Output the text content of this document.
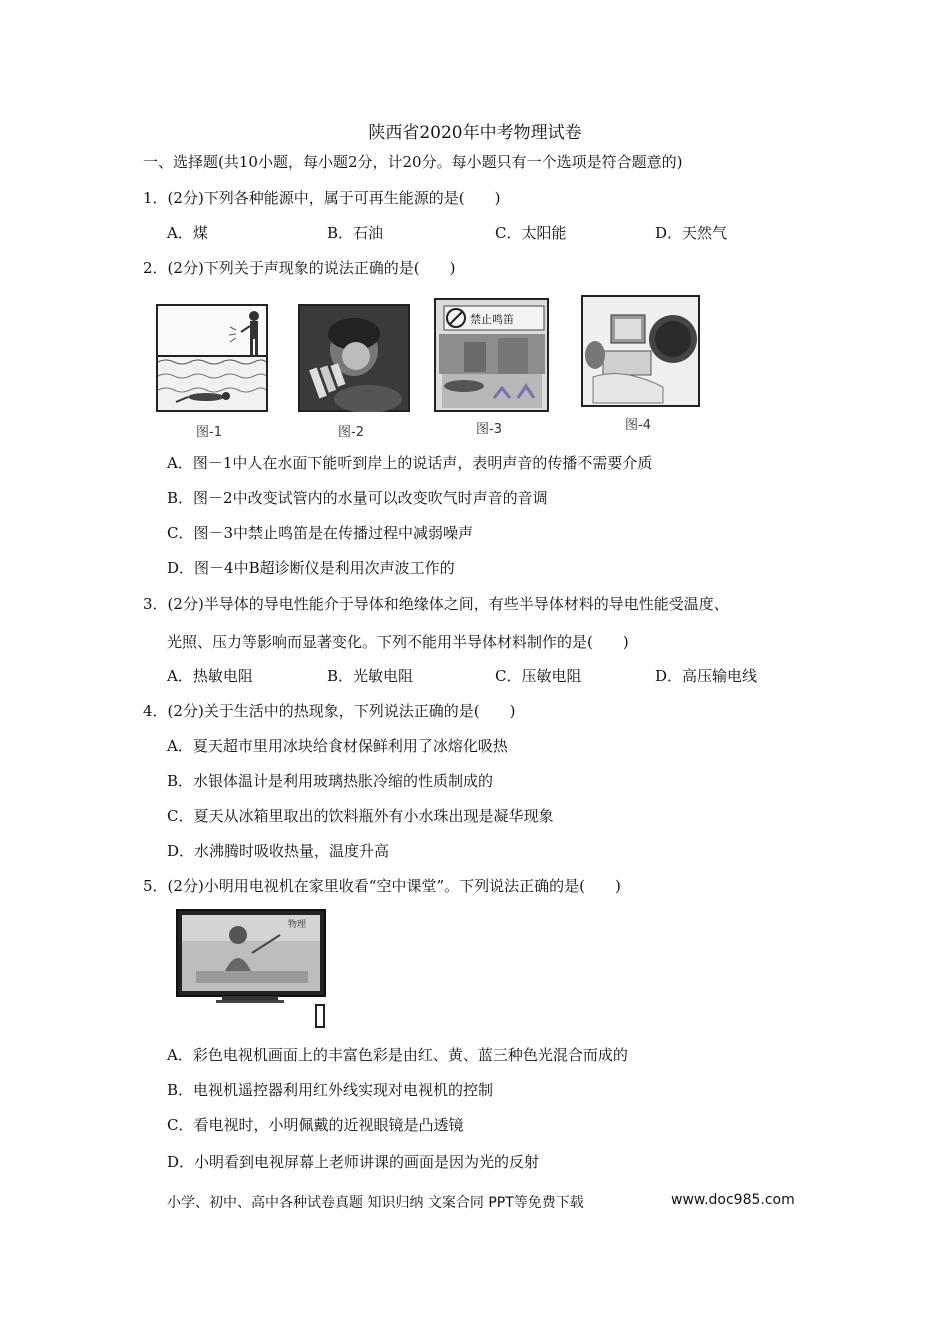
陕西省2020年中考物理试卷
一、选择题(共10小题，每小题2分，计20分。每小题只有一个选项是符合题意的)
1．(2分)下列各种能源中，属于可再生能源的是(　　)
A．煤	B．石油	C．太阳能	D．天然气
2．(2分)下列关于声现象的说法正确的是(　　)
图-1	图-2
禁止鸣笛
图-3	图-4
A．图－1中人在水面下能听到岸上的说话声，表明声音的传播不需要介质
B．图－2中改变试管内的水量可以改变吹气时声音的音调
C．图－3中禁止鸣笛是在传播过程中减弱噪声
D．图－4中B超诊断仪是利用次声波工作的
3．(2分)半导体的导电性能介于导体和绝缘体之间，有些半导体材料的导电性能受温度、
光照、压力等影响而显著变化。下列不能用半导体材料制作的是(　　)
A．热敏电阻	B．光敏电阻	C．压敏电阻	D．高压输电线
4．(2分)关于生活中的热现象，下列说法正确的是(　　)
A．夏天超市里用冰块给食材保鲜利用了冰熔化吸热
B．水银体温计是利用玻璃热胀冷缩的性质制成的
C．夏天从冰箱里取出的饮料瓶外有小水珠出现是凝华现象
D．水沸腾时吸收热量，温度升高
5．(2分)小明用电视机在家里收看“空中课堂”。下列说法正确的是(　　)
物理
A．彩色电视机画面上的丰富色彩是由红、黄、蓝三种色光混合而成的
B．电视机遥控器利用红外线实现对电视机的控制
C．看电视时，小明佩戴的近视眼镜是凸透镜
D．小明看到电视屏幕上老师讲课的画面是因为光的反射
小学、初中、高中各种试卷真题 知识归纳 文案合同 PPT等免费下载	www.doc985.com
